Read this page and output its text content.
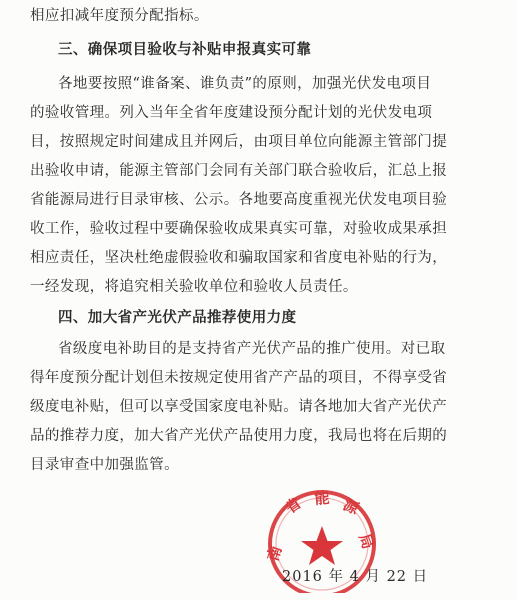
相应扣减年度预分配指标。
三、确保项目验收与补贴申报真实可靠
各地要按照“谁备案、谁负责”的原则，加强光伏发电项目
的验收管理。列入当年全省年度建设预分配计划的光伏发电项
目，按照规定时间建成且并网后，由项目单位向能源主管部门提
出验收申请，能源主管部门会同有关部门联合验收后，汇总上报
省能源局进行目录审核、公示。各地要高度重视光伏发电项目验
收工作，验收过程中要确保验收成果真实可靠，对验收成果承担
相应责任，坚决杜绝虚假验收和骗取国家和省度电补贴的行为，
一经发现，将追究相关验收单位和验收人员责任。
四、加大省产光伏产品推荐使用力度
省级度电补助目的是支持省产光伏产品的推广使用。对已取
得年度预分配计划但未按规定使用省产产品的项目，不得享受省
级度电补贴，但可以享受国家度电补贴。请各地加大省产光伏产
品的推荐力度，加大省产光伏产品使用力度，我局也将在后期的
目录审查中加强监管。
南
省 能 源
局
2016 年 4 月 22 日
